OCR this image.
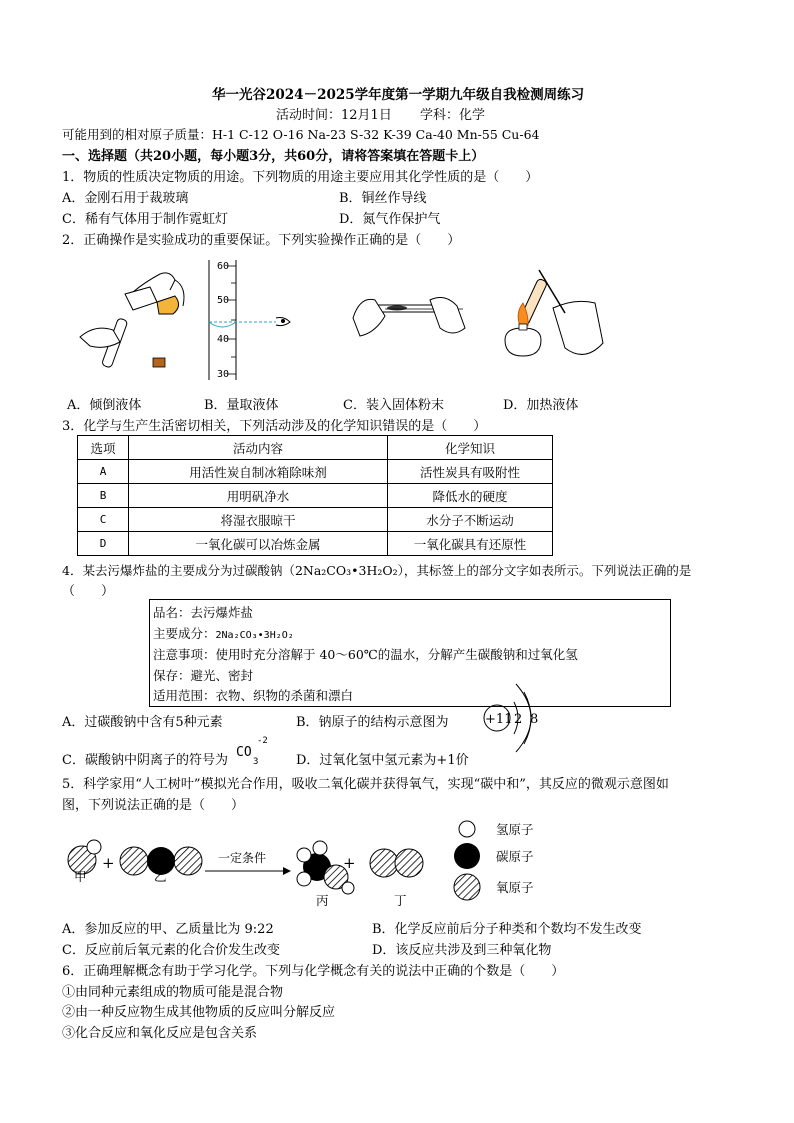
华一光谷2024－2025学年度第一学期九年级自我检测周练习
活动时间：12月1日 学科：化学
可能用到的相对原子质量：H-1 C-12 O-16 Na-23 S-32 K-39 Ca-40 Mn-55 Cu-64
一、选择题（共20小题，每小题3分，共60分，请将答案填在答题卡上）
1．物质的性质决定物质的用途。下列物质的用途主要应用其化学性质的是（　　）
A．金刚石用于裁玻璃	B．铜丝作导线
C．稀有气体用于制作霓虹灯	D．氮气作保护气
2．正确操作是实验成功的重要保证。下列实验操作正确的是（　　）
60
50
40
30
A．倾倒液体	B．量取液体	C．装入固体粉末	D．加热液体
3．化学与生产生活密切相关，下列活动涉及的化学知识错误的是（　　）
选项	活动内容	化学知识
A	用活性炭自制冰箱除味剂	活性炭具有吸附性
B	用明矾净水	降低水的硬度
C	将湿衣服晾干	水分子不断运动
D	一氧化碳可以冶炼金属	一氧化碳具有还原性
4．某去污爆炸盐的主要成分为过碳酸钠（2Na₂CO₃•3H₂O₂），其标签上的部分文字如表所示。下列说法正确的是
（　　）
品名：去污爆炸盐
主要成分：2Na₂CO₃•3H₂O₂
注意事项：使用时充分溶解于 40～60℃的温水，分解产生碳酸钠和过氧化氢
保存：避光、密封
适用范围：衣物、织物的杀菌和漂白
A．过碳酸钠中含有5种元素	B．钠原子的结构示意图为	+11 2 8
C．碳酸钠中阴离子的符号为
CO
3
-2
D．过氧化氢中氢元素为+1价
5．科学家用“人工树叶”模拟光合作用，吸收二氧化碳并获得氧气，实现“碳中和”，其反应的微观示意图如
图，下列说法正确的是（　　）
甲
+
乙
一定条件
丙
+
丁
氢原子
碳原子
氧原子
A．参加反应的甲、乙质量比为 9:22	B．化学反应前后分子种类和个数均不发生改变
C．反应前后氧元素的化合价发生改变	D．该反应共涉及到三种氧化物
6．正确理解概念有助于学习化学。下列与化学概念有关的说法中正确的个数是（　　）
①由同种元素组成的物质可能是混合物
②由一种反应物生成其他物质的反应叫分解反应
③化合反应和氧化反应是包含关系
